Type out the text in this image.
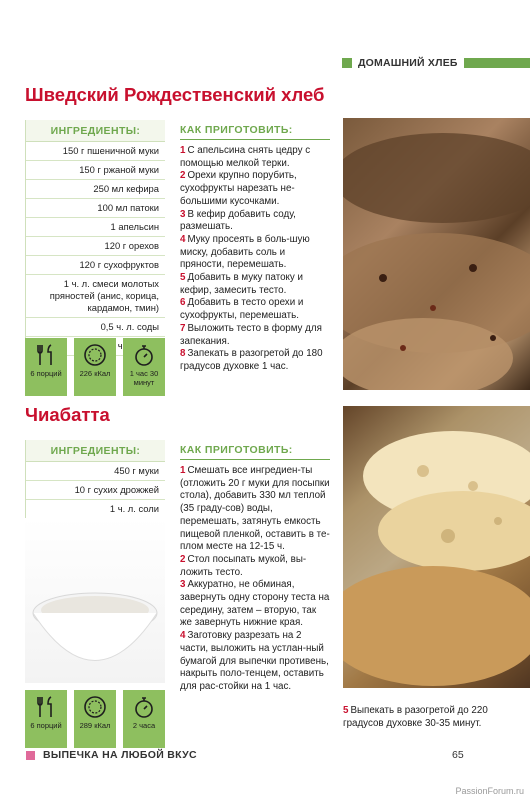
ДОМАШНИЙ ХЛЕБ
Шведский Рождественский хлеб
ИНГРЕДИЕНТЫ:
150 г пшеничной муки
150 г ржаной муки
250 мл кефира
100 мл патоки
1 апельсин
120 г орехов
120 г сухофруктов
1 ч. л. смеси молотых пряностей (анис, корица, кардамон, тмин)
0,5 ч. л. соды
ч.
6 порций 226 кКал	1 час 30 минут
КАК ПРИГОТОВИТЬ:
1 С апельсина снять цедру с помощью мелкой терки.
2 Орехи крупно порубить, сухофрукты нарезать не-большими кусочками.
3 В кефир добавить соду, размешать.
4 Муку просеять в боль-шую миску, добавить соль и пряности, перемешать.
5 Добавить в муку патоку и кефир, замесить тесто.
6 Добавить в тесто орехи и сухофрукты, перемешать.
7 Выложить тесто в форму для запекания.
8 Запекать в разогретой до 180 градусов духовке 1 час.
Чиабатта
ИНГРЕДИЕНТЫ:
450 г муки
10 г сухих дрожжей
1 ч. л. соли
6 порций 289 кКал	2 часа
КАК ПРИГОТОВИТЬ:
1 Смешать все ингредиен-ты (отложить 20 г муки для посыпки стола), добавить 330 мл теплой (35 граду-сов) воды, перемешать, затянуть емкость пищевой пленкой, оставить в те-плом месте на 12-15 ч.
2 Стол посыпать мукой, вы-ложить тесто.
3 Аккуратно, не обминая, завернуть одну сторону теста на середину, затем – вторую, так же завернуть нижние края.
4 Заготовку разрезать на 2 части, выложить на устлан-ный бумагой для выпечки противень, накрыть поло-тенцем, оставить для рас-стойки на 1 час.
5 Выпекать в разогретой до 220 градусов духовке 30-35 минут.
ВЫПЕЧКА НА ЛЮБОЙ ВКУС	65
PassionForum.ru
